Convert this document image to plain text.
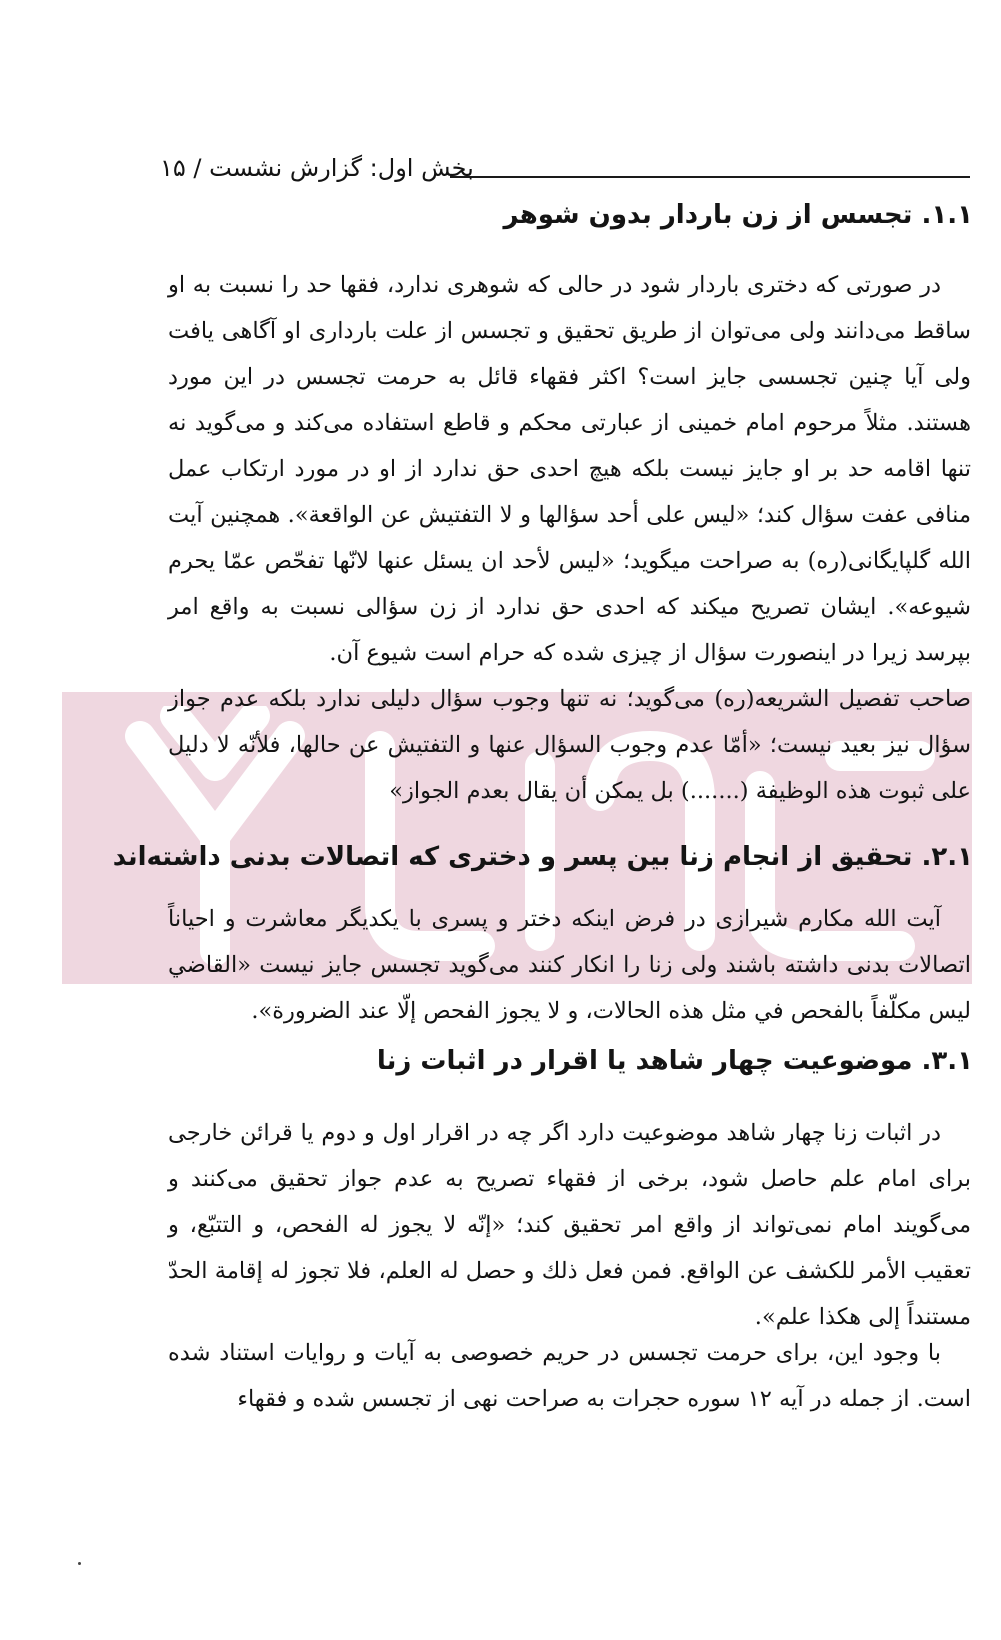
بخش اول: گزارش نشست / ۱۵
۱.۱. تجسس از زن باردار بدون شوهر
در صورتی که دختری باردار شود در حالی که شوهری ندارد، فقها حد را نسبت به او ساقط می‌دانند ولی می‌توان از طریق تحقیق و تجسس از علت بارداری او آگاهی یافت ولی آیا چنین تجسسی جایز است؟ اکثر فقهاء قائل به حرمت تجسس در این مورد هستند. مثلاً مرحوم امام خمینی از عبارتی محکم و قاطع استفاده می‌کند و می‌گوید نه تنها اقامه حد بر او جایز نیست بلکه هیچ احدی حق ندارد از او در مورد ارتکاب عمل منافی عفت سؤال کند؛ «لیس علی أحد سؤالها و لا التفتیش عن الواقعة». همچنین آیت الله گلپایگانی(ره) به صراحت میگوید؛ «لیس لأحد ان یسئل عنها لانّها تفحّص عمّا یحرم شیوعه». ایشان تصریح میکند که احدی حق ندارد از زن سؤالی نسبت به واقع امر بپرسد زیرا در اینصورت سؤال از چیزی شده که حرام است شیوع آن.
صاحب تفصیل الشریعه(ره) می‌گوید؛ نه تنها وجوب سؤال دلیلی ندارد بلکه عدم جواز سؤال نیز بعید نیست؛ «أمّا عدم وجوب السؤال عنها و التفتیش عن حالها، فلأنّه لا دلیل علی ثبوت هذه الوظیفة (.......) بل یمکن أن یقال بعدم الجواز»
۲.۱. تحقیق از انجام زنا بین پسر و دختری که اتصالات بدنی داشته‌اند
آیت الله مکارم شیرازی در فرض اینکه دختر و پسری با یکدیگر معاشرت و احیاناً اتصالات بدنی داشته باشند ولی زنا را انکار کنند می‌گوید تجسس جایز نیست «القاضي لیس مكلّفاً بالفحص في مثل هذه الحالات، و لا یجوز الفحص إلّا عند الضرورة».
۳.۱. موضوعیت چهار شاهد یا اقرار در اثبات زنا
در اثبات زنا چهار شاهد موضوعیت دارد اگر چه در اقرار اول و دوم یا قرائن خارجی برای امام علم حاصل شود، برخی از فقهاء تصریح به عدم جواز تحقیق می‌کنند و می‌گویند امام نمی‌تواند از واقع امر تحقیق کند؛ «إنّه لا یجوز له الفحص، و التتبّع، و تعقیب الأمر للكشف عن الواقع. فمن فعل ذلك و حصل له العلم، فلا تجوز له إقامة الحدّ مستنداً إلی هكذا علم».
با وجود این، برای حرمت تجسس در حریم خصوصی به آیات و روایات استناد شده است. از جمله در آیه ۱۲ سوره حجرات به صراحت نهی از تجسس شده و فقهاء
